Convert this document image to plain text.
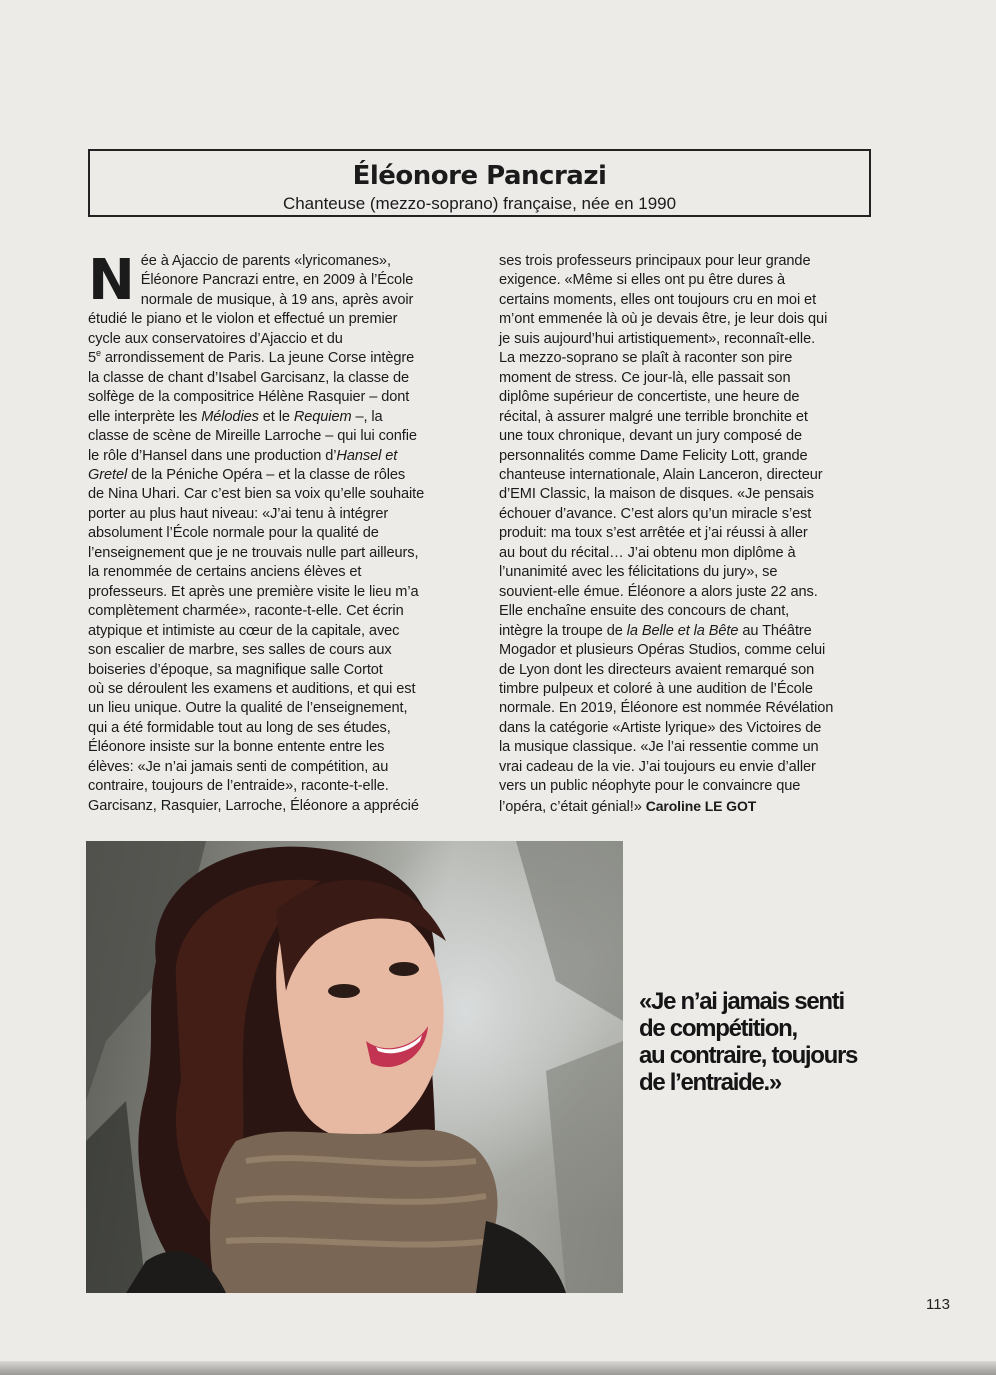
Éléonore Pancrazi
Chanteuse (mezzo-soprano) française, née en 1990
N ée à Ajaccio de parents «lyricomanes»,
Éléonore Pancrazi entre, en 2009 à l’École
normale de musique, à 19 ans, après avoir
étudié le piano et le violon et effectué un premier
cycle aux conservatoires d’Ajaccio et du
5e arrondissement de Paris. La jeune Corse intègre
la classe de chant d’Isabel Garcisanz, la classe de
solfège de la compositrice Hélène Rasquier – dont
elle interprète les Mélodies et le Requiem –, la
classe de scène de Mireille Larroche – qui lui confie
le rôle d’Hansel dans une production d’Hansel et
Gretel de la Péniche Opéra – et la classe de rôles
de Nina Uhari. Car c’est bien sa voix qu’elle souhaite
porter au plus haut niveau: «J’ai tenu à intégrer
absolument l’École normale pour la qualité de
l’enseignement que je ne trouvais nulle part ailleurs,
la renommée de certains anciens élèves et
professeurs. Et après une première visite le lieu m’a
complètement charmée», raconte-t-elle. Cet écrin
atypique et intimiste au cœur de la capitale, avec
son escalier de marbre, ses salles de cours aux
boiseries d’époque, sa magnifique salle Cortot
où se déroulent les examens et auditions, et qui est
un lieu unique. Outre la qualité de l’enseignement,
qui a été formidable tout au long de ses études,
Éléonore insiste sur la bonne entente entre les
élèves: «Je n’ai jamais senti de compétition, au
contraire, toujours de l’entraide», raconte-t-elle.
Garcisanz, Rasquier, Larroche, Éléonore a apprécié
ses trois professeurs principaux pour leur grande
exigence. «Même si elles ont pu être dures à
certains moments, elles ont toujours cru en moi et
m’ont emmenée là où je devais être, je leur dois qui
je suis aujourd’hui artistiquement», reconnaît-elle.
La mezzo-soprano se plaît à raconter son pire
moment de stress. Ce jour-là, elle passait son
diplôme supérieur de concertiste, une heure de
récital, à assurer malgré une terrible bronchite et
une toux chronique, devant un jury composé de
personnalités comme Dame Felicity Lott, grande
chanteuse internationale, Alain Lanceron, directeur
d’EMI Classic, la maison de disques. «Je pensais
échouer d’avance. C’est alors qu’un miracle s’est
produit: ma toux s’est arrêtée et j’ai réussi à aller
au bout du récital… J’ai obtenu mon diplôme à
l’unanimité avec les félicitations du jury», se
souvient-elle émue. Éléonore a alors juste 22 ans.
Elle enchaîne ensuite des concours de chant,
intègre la troupe de la Belle et la Bête au Théâtre
Mogador et plusieurs Opéras Studios, comme celui
de Lyon dont les directeurs avaient remarqué son
timbre pulpeux et coloré à une audition de l’École
normale. En 2019, Éléonore est nommée Révélation
dans la catégorie «Artiste lyrique» des Victoires de
la musique classique. «Je l’ai ressentie comme un
vrai cadeau de la vie. J’ai toujours eu envie d’aller
vers un public néophyte pour le convaincre que
l’opéra, c’était génial!» Caroline LE GOT
«Je n’ai jamais senti
de compétition,
au contraire, toujours
de l’entraide.»
113
